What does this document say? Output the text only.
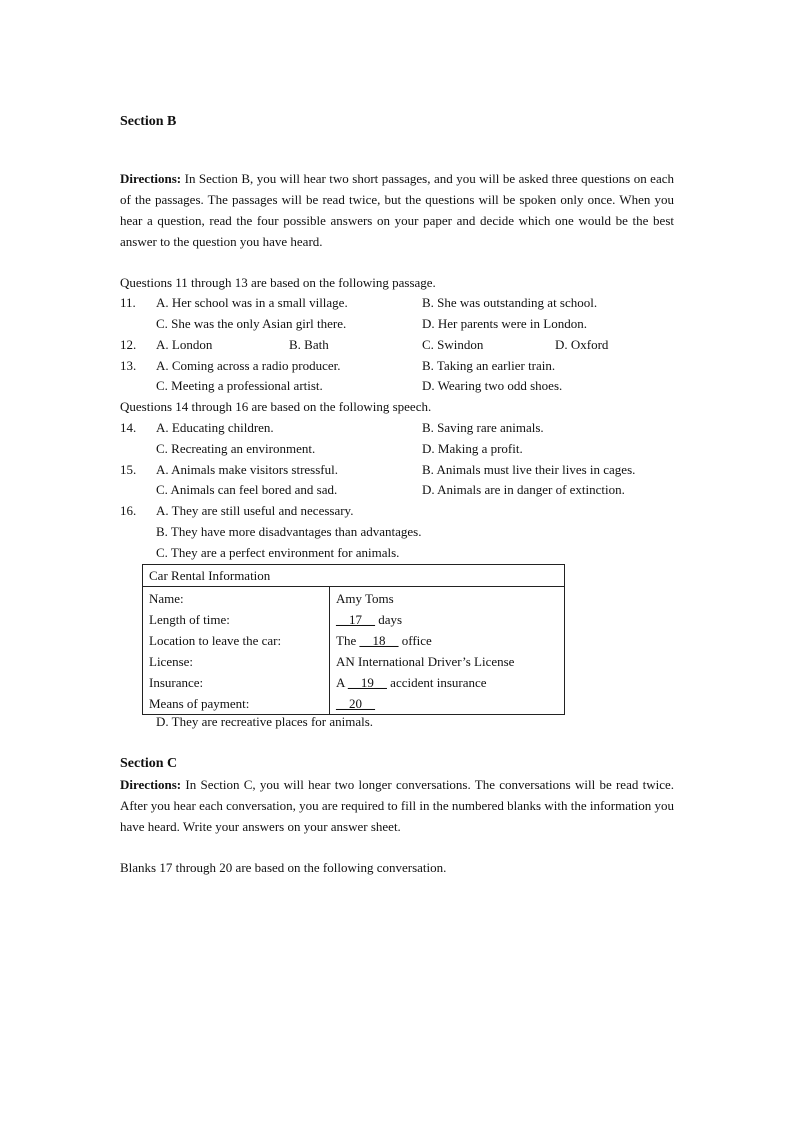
Section B
Directions: In Section B, you will hear two short passages, and you will be asked three questions on each of the passages. The passages will be read twice, but the questions will be spoken only once. When you hear a question, read the four possible answers on your paper and decide which one would be the best answer to the question you have heard.
Questions 11 through 13 are based on the following passage.
11. A. Her school was in a small village.	B. She was outstanding at school.
C. She was the only Asian girl there.	D. Her parents were in London.
12. A. London	B. Bath	C. Swindon	D. Oxford
13. A. Coming across a radio producer.	B. Taking an earlier train.
C. Meeting a professional artist.	D. Wearing two odd shoes.
Questions 14 through 16 are based on the following speech.
14. A. Educating children.	B. Saving rare animals.
C. Recreating an environment.	D. Making a profit.
15. A. Animals make visitors stressful.	B. Animals must live their lives in cages.
C. Animals can feel bored and sad.	D. Animals are in danger of extinction.
16. A. They are still useful and necessary.
B. They have more disadvantages than advantages.
C. They are a perfect environment for animals.
Car Rental Information	
Name:	Amy Toms
Length of time:	__17__ days
Location to leave the car:	The __18__ office
License:	AN International Driver’s License
Insurance:	A __19__ accident insurance
Means of payment:	__20__
D. They are recreative places for animals.
Section C
Directions: In Section C, you will hear two longer conversations. The conversations will be read twice. After you hear each conversation, you are required to fill in the numbered blanks with the information you have heard. Write your answers on your answer sheet.
Blanks 17 through 20 are based on the following conversation.
